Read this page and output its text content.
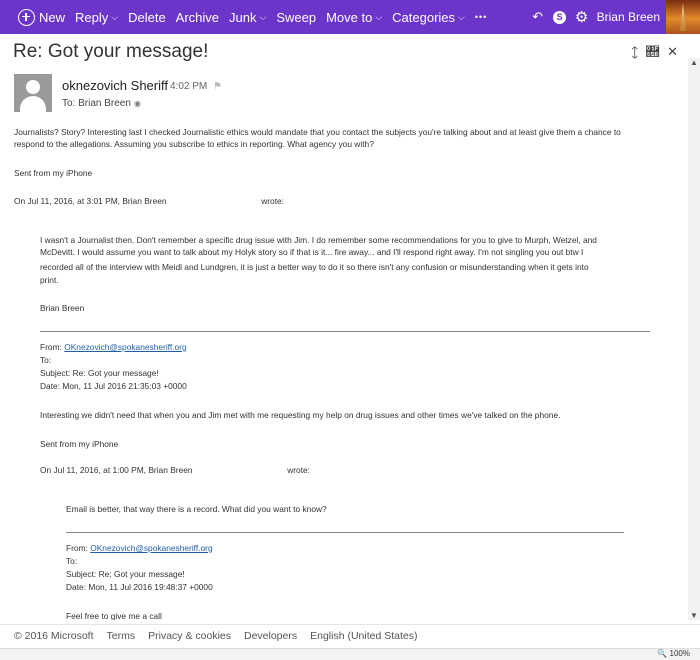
New Reply ⌵ Delete Archive Junk ⌵ Sweep Move to ⌵ Categories ⌵ •••	↶	S ⚙ Brian Breen
Re: Got your message!	🡙 🡛 ✕
oknezovich Sheriff 4:02 PM ⚑
To: Brian Breen ◉

Journalists? Story? Interesting last I checked Journalistic ethics would mandate that you contact the subjects you're talking about and at least give them a chance to

respond to the allegations. Assuming you subscribe to ethics in reporting. What agency you with?

Sent from my iPhone

On Jul 11, 2016, at 3:01 PM, Brian Breen	wrote:

I wasn't a Journalist then. Don't remember a specific drug issue with Jim. I do remember some recommendations for you to give to Murph, Wetzel, and

McDevitt. I would assume you want to talk about my Holyk story so if that is it... fire away... and I'll respond right away. I'm not singling you out btw I

recorded all of the interview with Meidl and Lundgren, it is just a better way to do it so there isn't any confusion or misunderstanding when it gets into

print.

Brian Breen

From: OKnezovich@spokanesheriff.org

To:

Subject: Re: Got your message!

Date: Mon, 11 Jul 2016 21:35:03 +0000

Interesting we didn't need that when you and Jim met with me requesting my help on drug issues and other times we've talked on the phone.

Sent from my iPhone

On Jul 11, 2016, at 1:00 PM, Brian Breen	wrote:

Email is better, that way there is a record. What did you want to know?

From: OKnezovich@spokanesheriff.org

To:

Subject: Re: Got your message!

Date: Mon, 11 Jul 2016 19:48:37 +0000

Feel free to give me a call

▲
▼
© 2016 Microsoft Terms Privacy & cookies Developers English (United States)
🔍 100%
